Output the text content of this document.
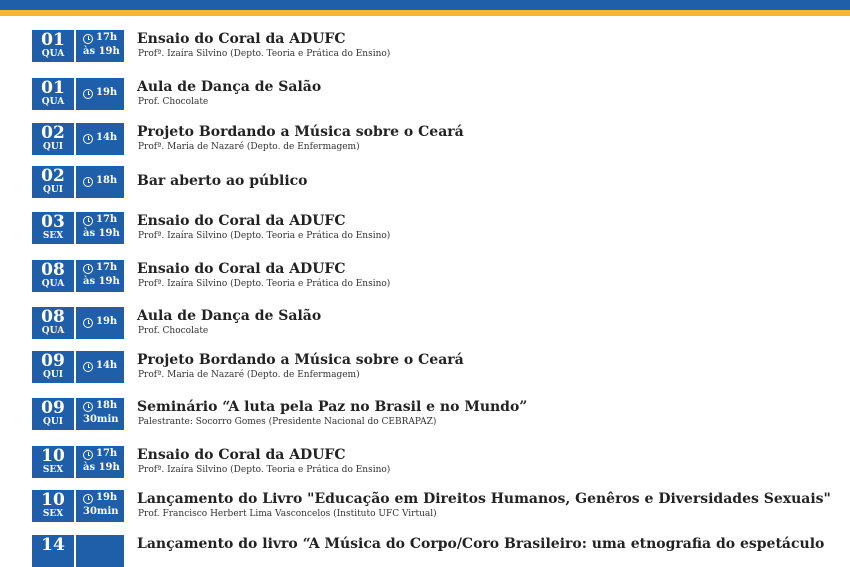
01
QUA
17h
às 19h
Ensaio do Coral da ADUFC
Profª. Izaíra Silvino (Depto. Teoria e Prática do Ensino)
01
QUA
19h Aula de Dança de Salão
Prof. Chocolate
02
QUI
14h Projeto Bordando a Música sobre o Ceará
Profª. Maria de Nazaré (Depto. de Enfermagem)
02
QUI
18h Bar aberto ao público
03
SEX
17h
às 19h
Ensaio do Coral da ADUFC
Profª. Izaíra Silvino (Depto. Teoria e Prática do Ensino)
08
QUA
17h
às 19h
Ensaio do Coral da ADUFC
Profª. Izaíra Silvino (Depto. Teoria e Prática do Ensino)
08
QUA
19h Aula de Dança de Salão
Prof. Chocolate
09
QUI
14h Projeto Bordando a Música sobre o Ceará
Profª. Maria de Nazaré (Depto. de Enfermagem)
09
QUI
18h
30min
Seminário “A luta pela Paz no Brasil e no Mundo”
Palestrante: Socorro Gomes (Presidente Nacional do CEBRAPAZ)
10
SEX
17h
às 19h
Ensaio do Coral da ADUFC
Profª. Izaíra Silvino (Depto. Teoria e Prática do Ensino)
10
SEX
19h
30min
Lançamento do Livro "Educação em Direitos Humanos, Genêros e Diversidades Sexuais"
Prof. Francisco Herbert Lima Vasconcelos (Instituto UFC Virtual)
14	Lançamento do livro “A Música do Corpo/Coro Brasileiro: uma etnografia do espetáculo
